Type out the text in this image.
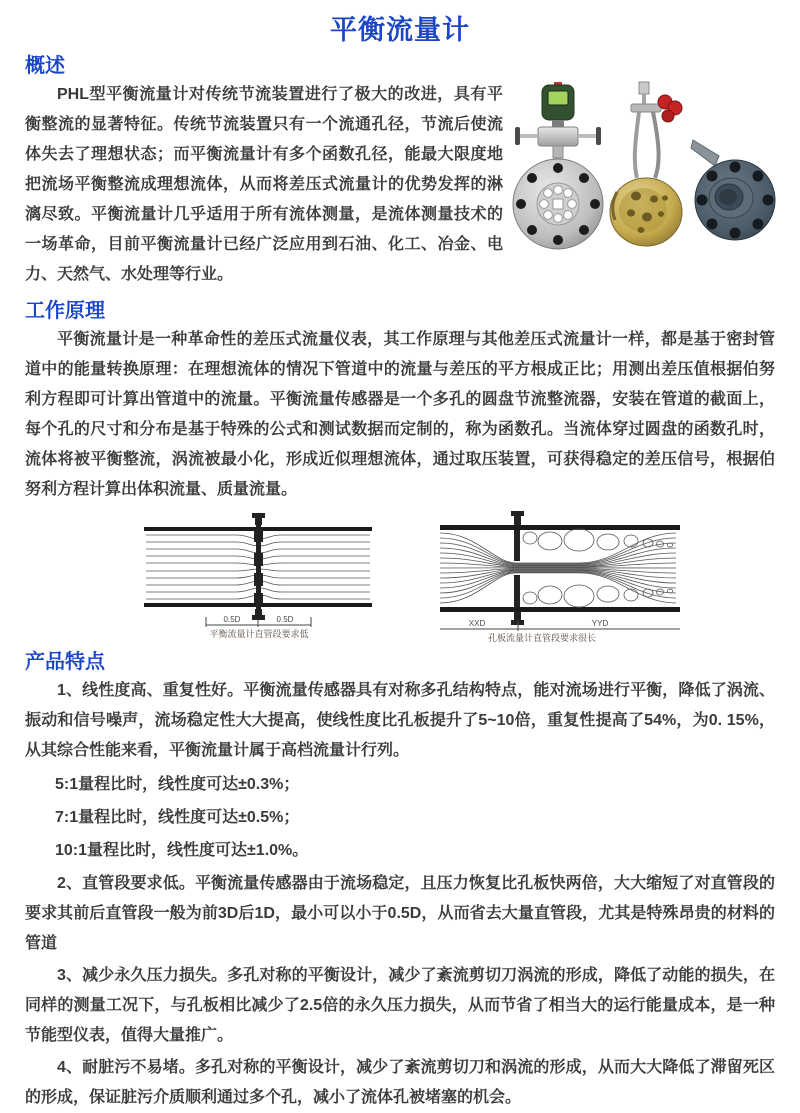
平衡流量计
概述

PHL型平衡流量计对传统节流装置进行了极大的改进，具有平衡整流的显著特征。传统节流装置只有一个流通孔径，节流后使流体失去了理想状态；而平衡流量计有多个函数孔径，能最大限度地把流场平衡整流成理想流体，从而将差压式流量计的优势发挥的淋漓尽致。平衡流量计几乎适用于所有流体测量，是流体测量技术的一场革命，目前平衡流量计已经广泛应用到石油、化工、冶金、电力、天然气、水处理等行业。

工作原理

平衡流量计是一种革命性的差压式流量仪表，其工作原理与其他差压式流量计一样，都是基于密封管道中的能量转换原理：在理想流体的情况下管道中的流量与差压的平方根成正比；用测出差压值根据伯努利方程即可计算出管道中的流量。平衡流量传感器是一个多孔的圆盘节流整流器，安装在管道的截面上，每个孔的尺寸和分布是基于特殊的公式和测试数据而定制的，称为函数孔。当流体穿过圆盘的函数孔时，流体将被平衡整流，涡流被最小化，形成近似理想流体，通过取压装置，可获得稳定的差压信号，根据伯努利方程计算出体积流量、质量流量。

0.5D	0.5D
平衡流量计直管段要求低
XXD	YYD
孔板流量计直管段要求很长
产品特点

1、线性度高、重复性好。平衡流量传感器具有对称多孔结构特点，能对流场进行平衡，降低了涡流、振动和信号噪声，流场稳定性大大提高，使线性度比孔板提升了5~10倍，重复性提高了54%，为0. 15%，从其综合性能来看，平衡流量计属于高档流量计行列。

5:1量程比时，线性度可达±0.3%；
7:1量程比时，线性度可达±0.5%；
10:1量程比时，线性度可达±1.0%。

2、直管段要求低。平衡流量传感器由于流场稳定，且压力恢复比孔板快两倍，大大缩短了对直管段的要求其前后直管段一般为前3D后1D，最小可以小于0.5D，从而省去大量直管段，尤其是特殊昂贵的材料的管道

3、减少永久压力损失。多孔对称的平衡设计，减少了紊流剪切刀涡流的形成，降低了动能的损失，在同样的测量工况下，与孔板相比减少了2.5倍的永久压力损失，从而节省了相当大的运行能量成本，是一种节能型仪表，值得大量推广。

4、耐脏污不易堵。多孔对称的平衡设计，减少了紊流剪切刀和涡流的形成，从而大大降低了滞留死区的形成，保证脏污介质顺利通过多个孔，减小了流体孔被堵塞的机会。
